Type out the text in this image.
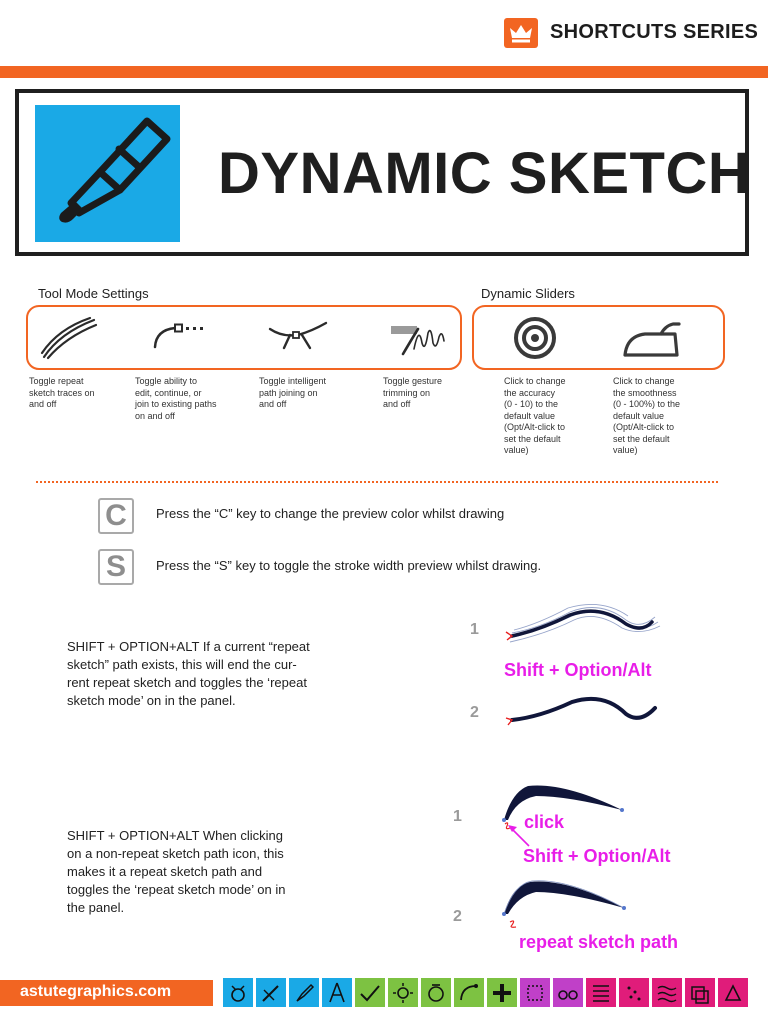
SHORTCUTS SERIES
DYNAMIC SKETCH
Tool Mode Settings
Toggle repeat
sketch traces on
and off
Toggle ability to
edit, continue, or
join to existing paths
on and off
Toggle intelligent
path joining on
and off
Toggle gesture
trimming on
and off
Dynamic Sliders
Click to change
the accuracy
(0 - 10) to the
default value
(Opt/Alt-click to
set the default
value)
Click to change
the smoothness
(0 - 100%) to the
default value
(Opt/Alt-click to
set the default
value)
C	Press the “C” key to change the preview color whilst drawing
S	Press the “S” key to toggle the stroke width preview whilst drawing.
SHIFT + OPTION+ALT If a current “repeat
sketch” path exists, this will end the cur-
rent repeat sketch and toggles the ‘repeat
sketch mode’ on in the panel.
1
2
Shift + Option/Alt
SHIFT + OPTION+ALT When clicking
on a non-repeat sketch path icon, this
makes it a repeat sketch path and
toggles the ‘repeat sketch mode’ on in
the panel.
1
2
click
Shift + Option/Alt
repeat sketch path
astutegraphics.com
